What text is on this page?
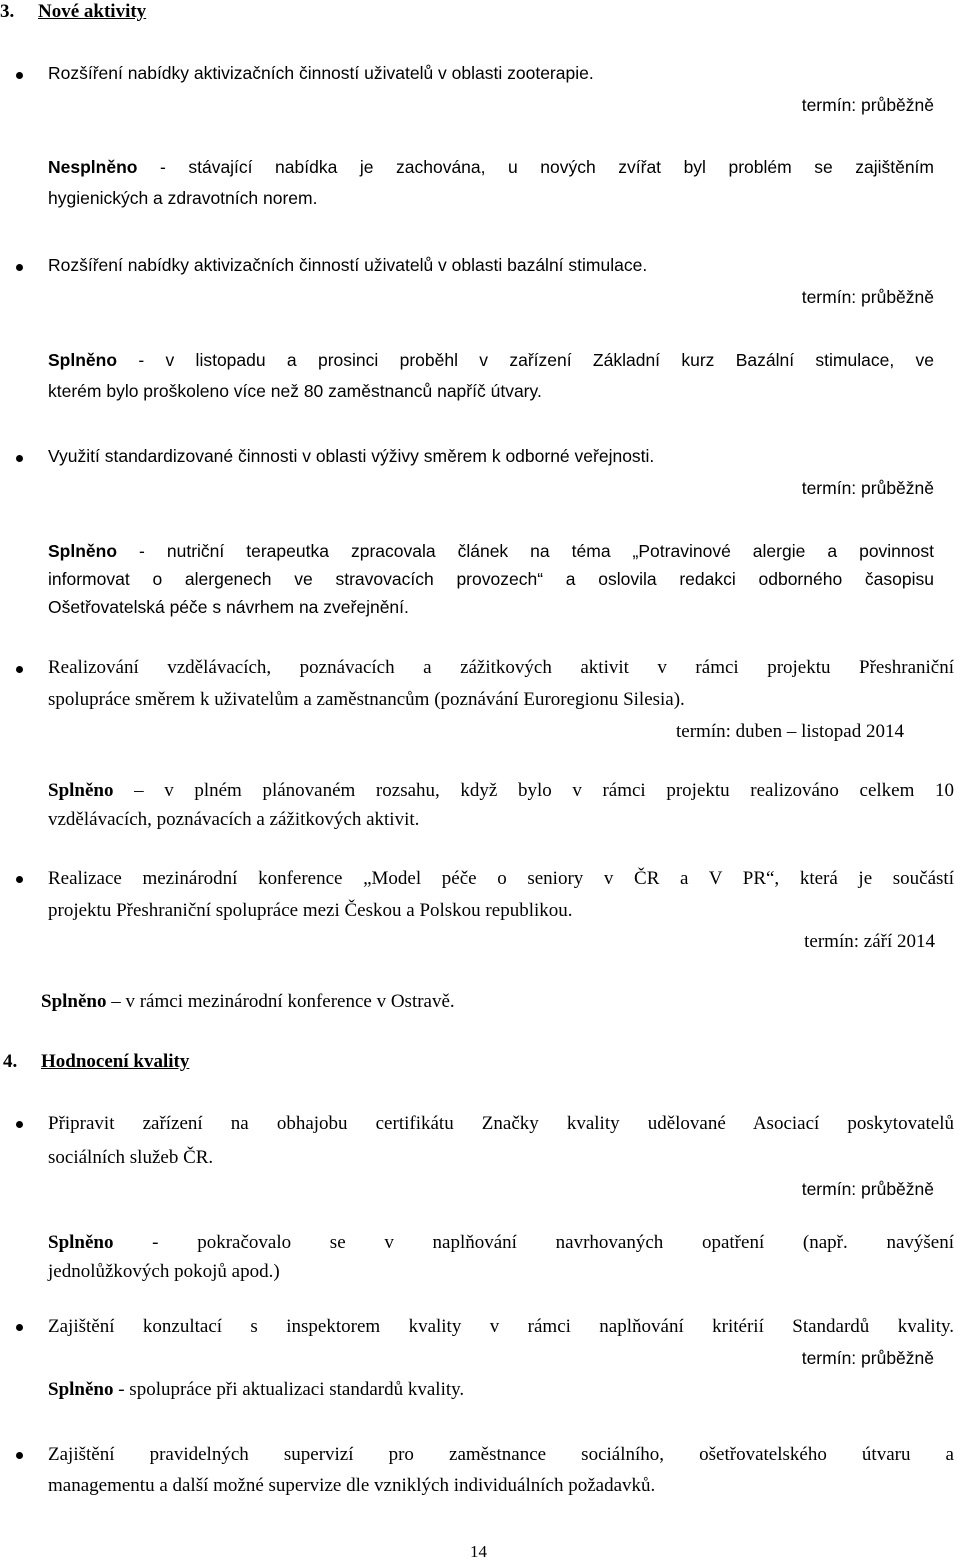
3. Nové aktivity
Rozšíření nabídky aktivizačních činností uživatelů v oblasti zooterapie.
termín: průběžně
Nesplněno - stávající nabídka je zachována, u nových zvířat byl problém se zajištěním
hygienických a zdravotních norem.
Rozšíření nabídky aktivizačních činností uživatelů v oblasti bazální stimulace.
termín: průběžně
Splněno - v listopadu a prosinci proběhl v zařízení Základní kurz Bazální stimulace, ve
kterém bylo proškoleno více než 80 zaměstnanců napříč útvary.
Využití standardizované činnosti v oblasti výživy směrem k odborné veřejnosti.
termín: průběžně
Splněno - nutriční terapeutka zpracovala článek na téma „Potravinové alergie a povinnost
informovat o alergenech ve stravovacích provozech“ a oslovila redakci odborného časopisu
Ošetřovatelská péče s návrhem na zveřejnění.
Realizování vzdělávacích, poznávacích a zážitkových aktivit v rámci projektu Přeshraniční
spolupráce směrem k uživatelům a zaměstnancům (poznávání Euroregionu Silesia).
termín: duben – listopad 2014
Splněno – v plném plánovaném rozsahu, když bylo v rámci projektu realizováno celkem 10
vzdělávacích, poznávacích a zážitkových aktivit.
Realizace mezinárodní konference „Model péče o seniory v ČR a V PR“, která je součástí
projektu Přeshraniční spolupráce mezi Českou a Polskou republikou.
termín: září 2014
Splněno – v rámci mezinárodní konference v Ostravě.
4. Hodnocení kvality
Připravit zařízení na obhajobu certifikátu Značky kvality udělované Asociací poskytovatelů
sociálních služeb ČR.
termín: průběžně
Splněno - pokračovalo se v naplňování navrhovaných opatření (např. navýšení
jednolůžkových pokojů apod.)
Zajištění konzultací s inspektorem kvality v rámci naplňování kritérií Standardů kvality.
termín: průběžně
Splněno - spolupráce při aktualizaci standardů kvality.
Zajištění pravidelných supervizí pro zaměstnance sociálního, ošetřovatelského útvaru a
managementu a další možné supervize dle vzniklých individuálních požadavků.
14
